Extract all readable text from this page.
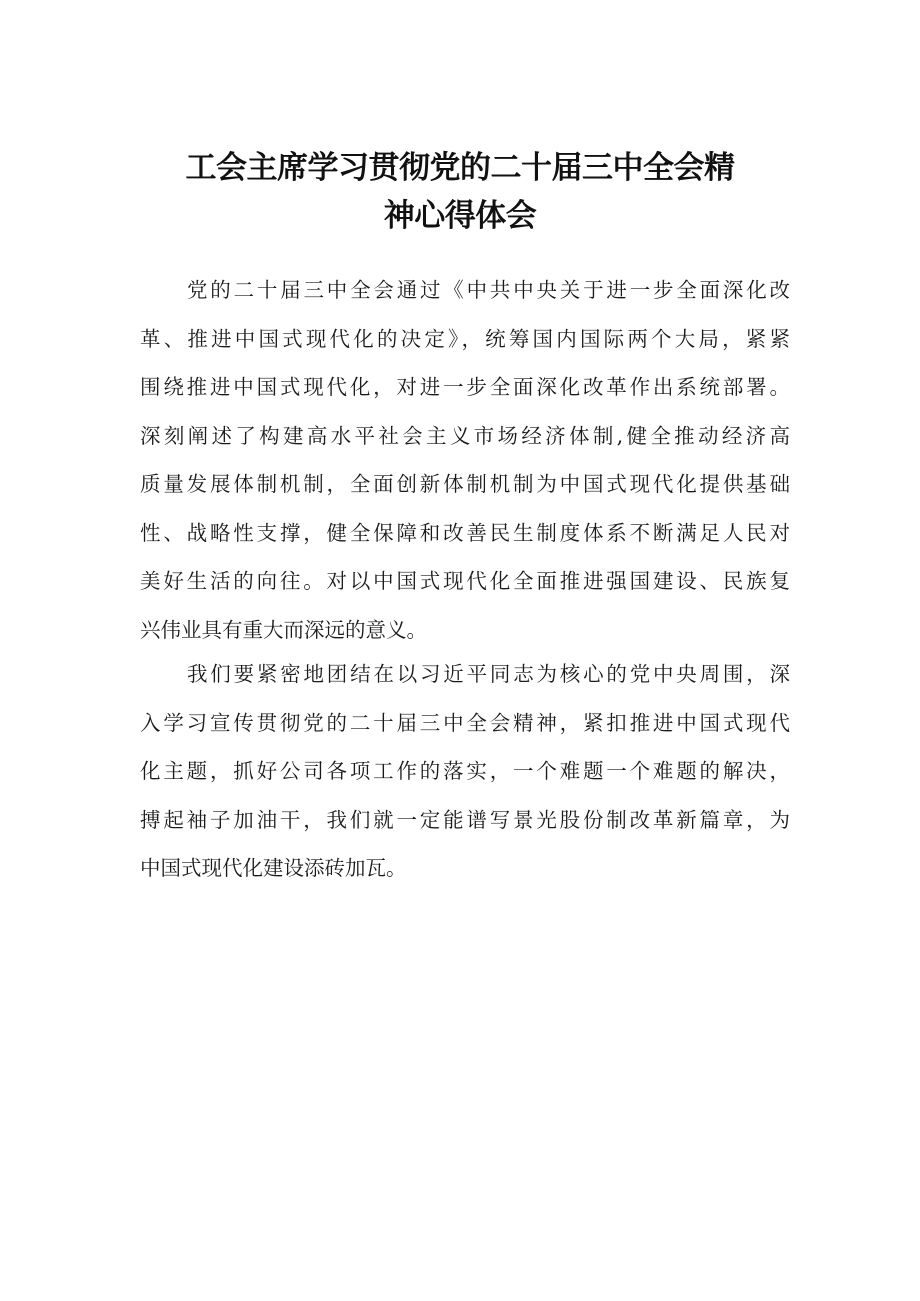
工会主席学习贯彻党的二十届三中全会精
神心得体会
党的二十届三中全会通过《中共中央关于进一步全面深化改
革、推进中国式现代化的决定》，统筹国内国际两个大局，紧紧
围绕推进中国式现代化，对进一步全面深化改革作出系统部署。
深刻阐述了构建高水平社会主义市场经济体制,健全推动经济高
质量发展体制机制，全面创新体制机制为中国式现代化提供基础
性、战略性支撑，健全保障和改善民生制度体系不断满足人民对
美好生活的向往。对以中国式现代化全面推进强国建设、民族复
兴伟业具有重大而深远的意义。
我们要紧密地团结在以习近平同志为核心的党中央周围，深
入学习宣传贯彻党的二十届三中全会精神，紧扣推进中国式现代
化主题，抓好公司各项工作的落实，一个难题一个难题的解决，
搏起袖子加油干，我们就一定能谱写景光股份制改革新篇章，为
中国式现代化建设添砖加瓦。
